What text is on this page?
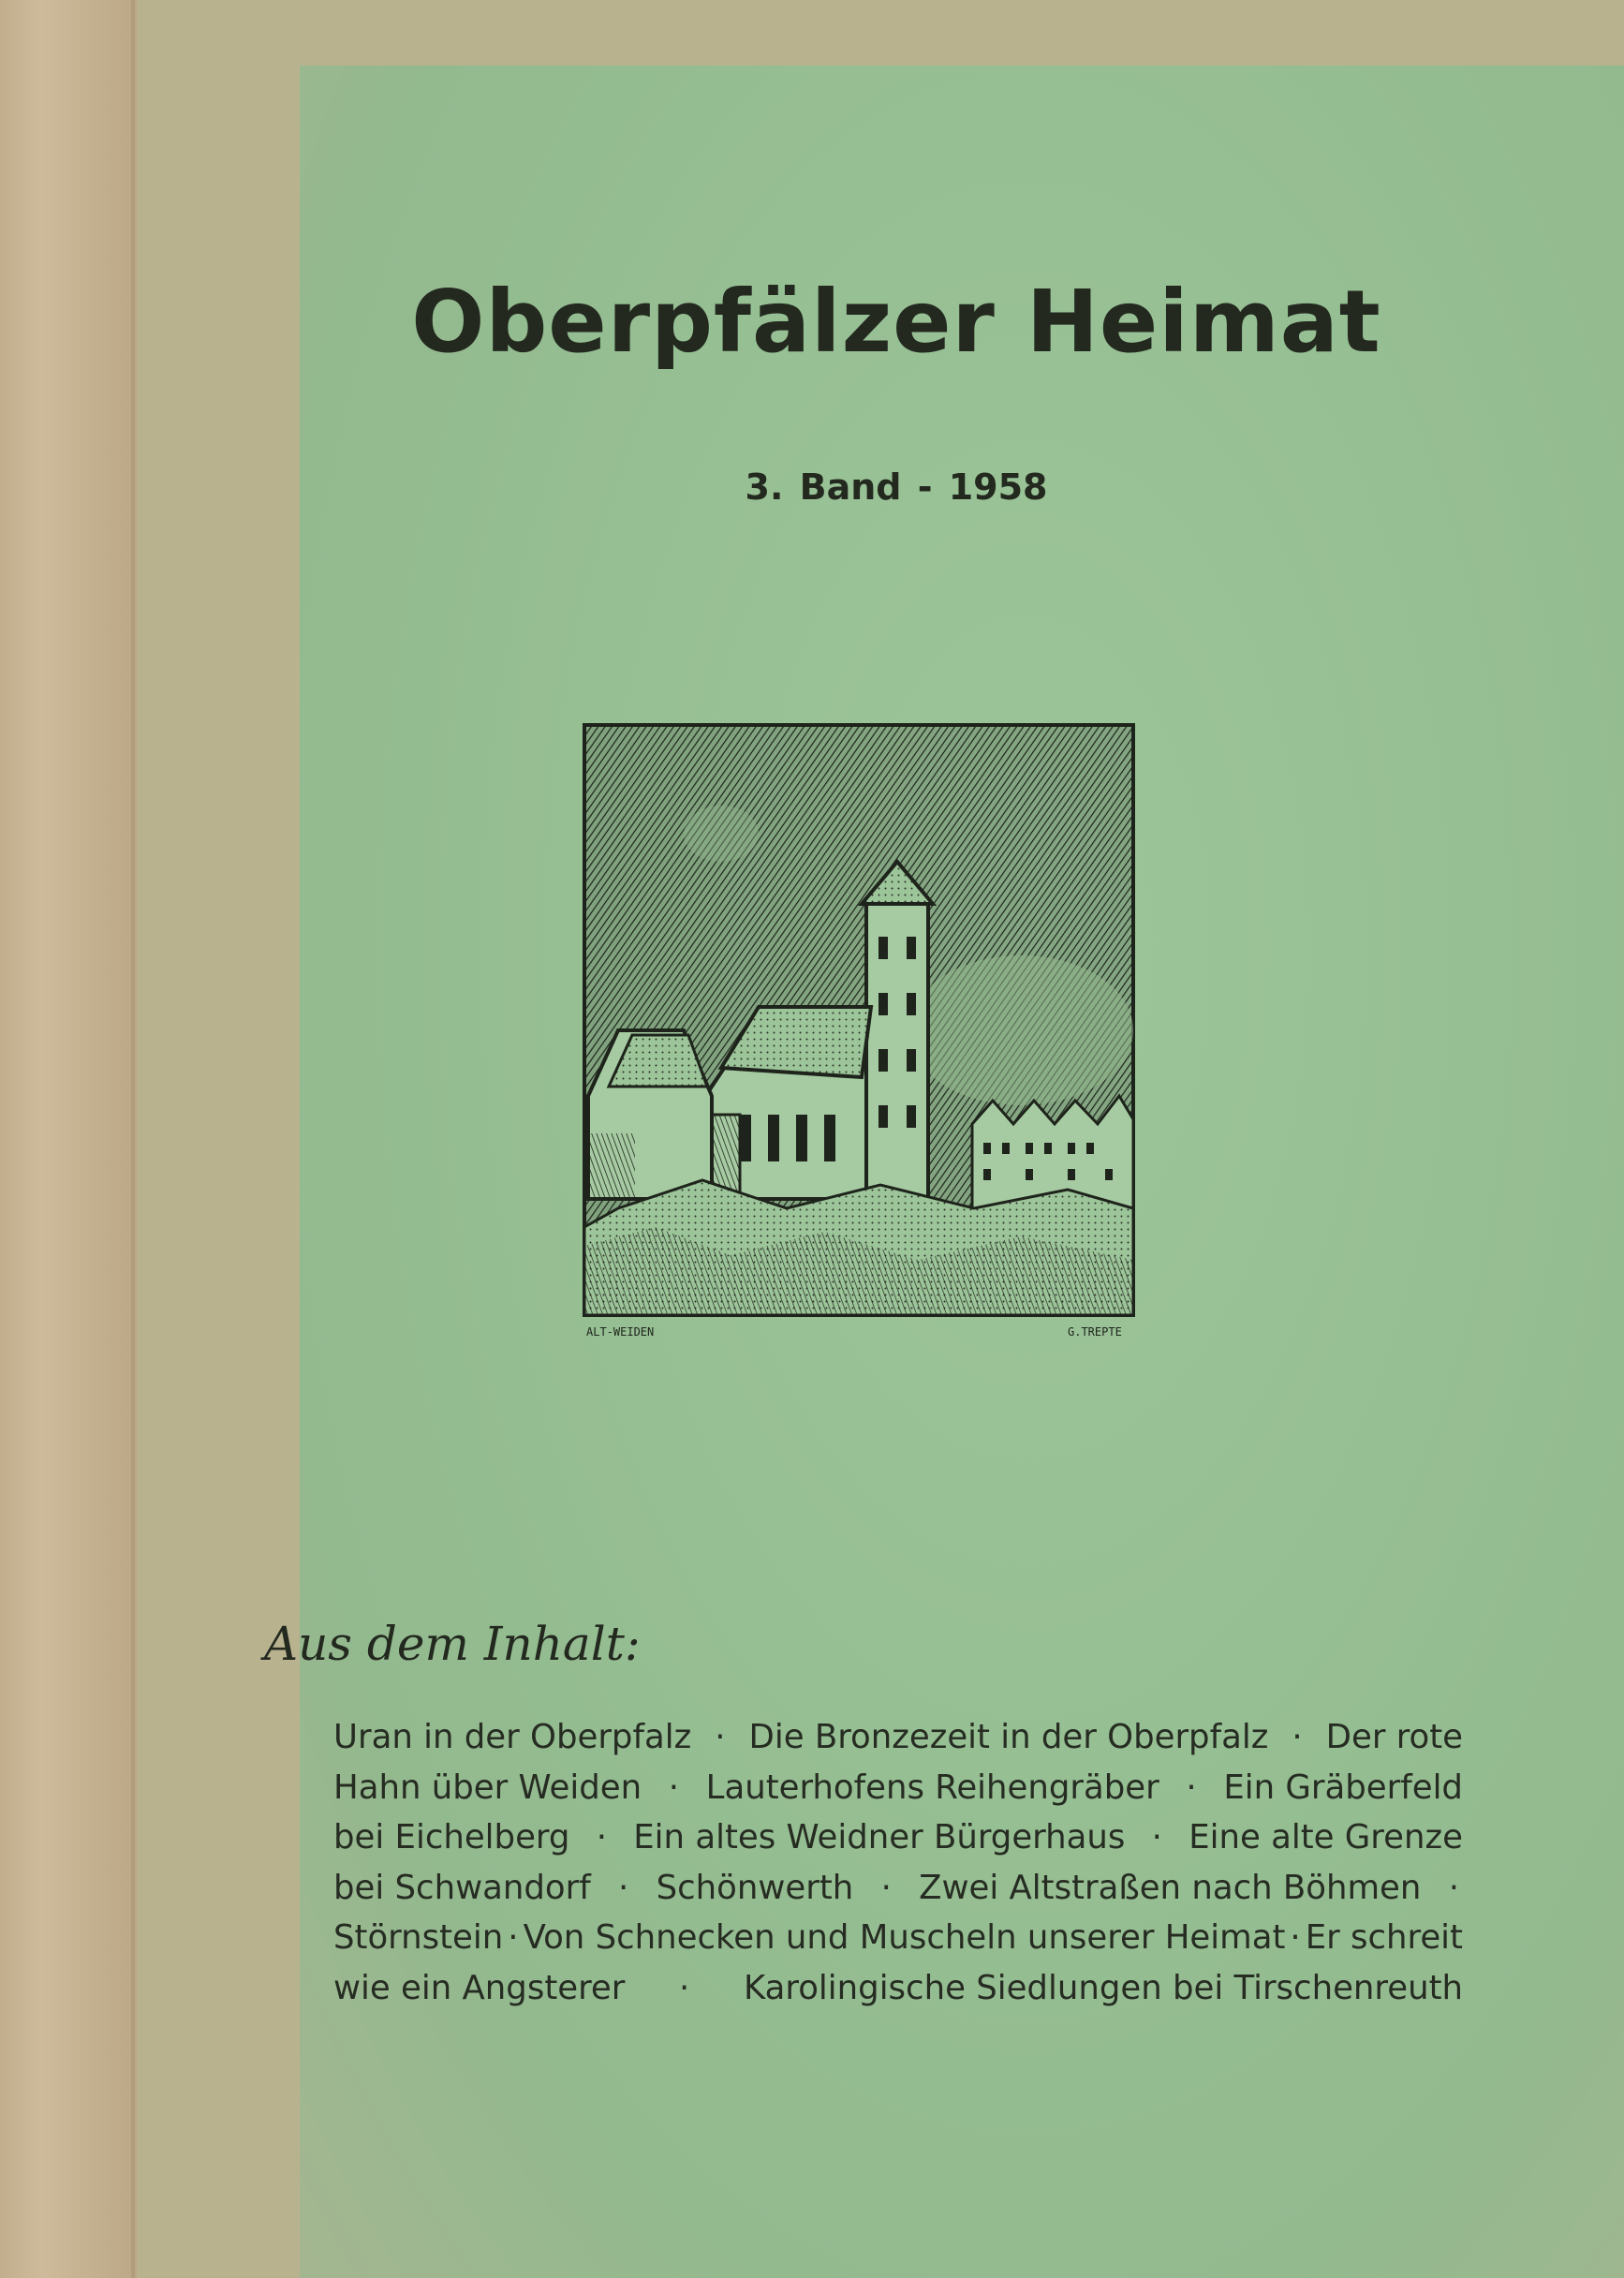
Oberpfälzer Heimat
3. Band - 1958
ALT-WEIDEN	G.TREPTE
Aus dem Inhalt:
Uran in der Oberpfalz · Die Bronzezeit in der Oberpfalz · Der rote
Hahn über Weiden · Lauterhofens Reihengräber · Ein Gräberfeld
bei Eichelberg · Ein altes Weidner Bürgerhaus · Eine alte Grenze
bei Schwandorf · Schönwerth · Zwei Altstraßen nach Böhmen ·
Störnstein · Von Schnecken und Muscheln unserer Heimat · Er schreit
wie ein Angsterer · Karolingische Siedlungen bei Tirschenreuth
